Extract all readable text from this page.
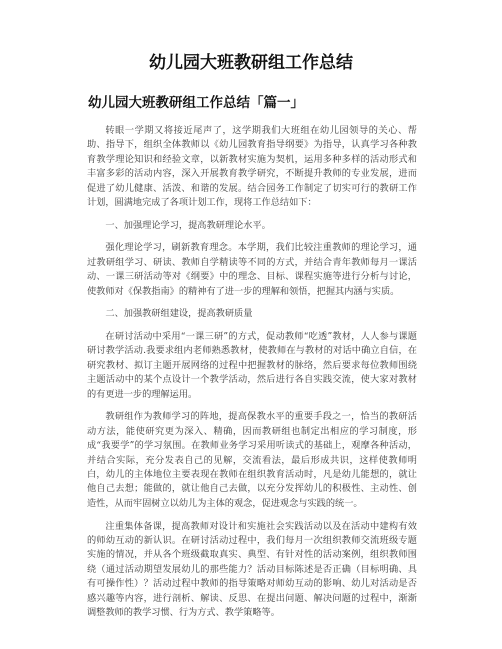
幼儿园大班教研组工作总结
幼儿园大班教研组工作总结「篇一」

转眼一学期又将接近尾声了，这学期我们大班组在幼儿园领导的关心、帮助、指导下，组织全体教师以《幼儿园教育指导纲要》为指导，认真学习各种教育教学理论知识和经验文章，以新教材实施为契机，运用多种多样的活动形式和丰富多彩的活动内容，深入开展教育教学研究，不断提升教师的专业发展，进而促进了幼儿健康、活泼、和谐的发展。结合园务工作制定了切实可行的教研工作计划，圆满地完成了各项计划工作，现将工作总结如下：

一、加强理论学习，提高教研理论水平。

强化理论学习，刷新教育理念。本学期，我们比较注重教师的理论学习，通过教研组学习、研读、教师自学精读等不同的方式，并结合青年教师每月一课活动、一课三研活动等对《纲要》中的理念、目标、课程实施等进行分析与讨论，使教师对《保教指南》的精神有了进一步的理解和领悟，把握其内涵与实质。

二、加强教研组建设，提高教研质量

在研讨活动中采用“一课三研”的方式，促动教师“吃透”教材，人人参与课题研讨教学活动.我要求组内老师熟悉教材，使教师在与教材的对话中确立自信，在研究教材、拟订主题开展网络的过程中把握教材的脉络，然后要求每位教师围绕主题活动中的某个点设计一个教学活动，然后进行各自实践交流，使大家对教材的有更进一步的理解运用。

教研组作为教师学习的阵地，提高保教水平的重要手段之一，恰当的教研活动方法，能使研究更为深入、精确，因而教研组也制定出相应的学习制度，形成“我要学”的学习氛围。在教师业务学习采用听读式的基础上，观摩各种活动，并结合实际，充分发表自己的见解，交流看法，最后形成共识，这样使教师明白，幼儿的主体地位主要表现在教师在组织教育活动时，凡是幼儿能想的，就让他自己去想；能做的，就让他自己去做，以充分发挥幼儿的积极性、主动性、创造性，从而牢固树立以幼儿为主体的观念，促进观念与实践的统一。

注重集体备课，提高教师对设计和实施社会实践活动以及在活动中建构有效的师幼互动的新认识。在研讨活动过程中，我们每月一次组织教师交流班级专题实施的情况，并从各个班级截取真实、典型、有针对性的活动案例，组织教师围绕（通过活动期望发展幼儿的那些能力？活动目标陈述是否正确（目标明确、具有可操作性）？活动过程中教师的指导策略对师幼互动的影响、幼儿对活动是否感兴趣等内容，进行剖析、解读、反思、在提出问题、解决问题的过程中，渐渐调整教师的教学习惯、行为方式、教学策略等。
